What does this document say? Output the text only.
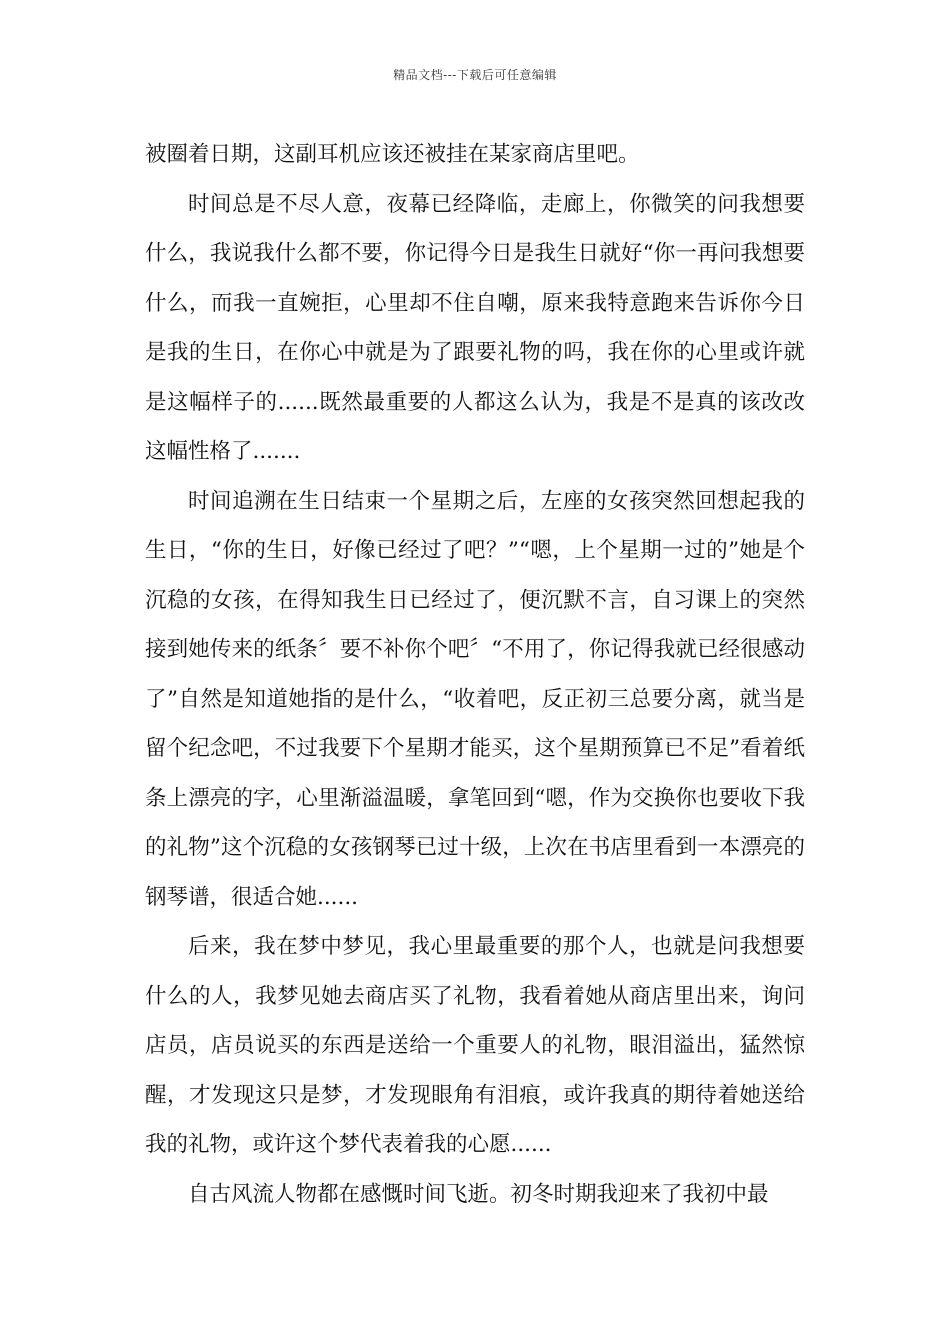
精品文档---下载后可任意编辑

被圈着日期，这副耳机应该还被挂在某家商店里吧。

时间总是不尽人意，夜幕已经降临，走廊上，你微笑的问我想要什么，我说我什么都不要，你记得今日是我生日就好“你一再问我想要什么，而我一直婉拒，心里却不住自嘲，原来我特意跑来告诉你今日是我的生日，在你心中就是为了跟要礼物的吗，我在你的心里或许就是这幅样子的......既然最重要的人都这么认为，我是不是真的该改改这幅性格了.......

时间追溯在生日结束一个星期之后，左座的女孩突然回想起我的生日，“你的生日，好像已经过了吧？”“嗯，上个星期一过的”她是个沉稳的女孩，在得知我生日已经过了，便沉默不言，自习课上的突然接到她传来的纸条〞要不补你个吧〞“不用了，你记得我就已经很感动了”自然是知道她指的是什么，“收着吧，反正初三总要分离，就当是留个纪念吧，不过我要下个星期才能买，这个星期预算已不足”看着纸条上漂亮的字，心里渐溢温暖，拿笔回到“嗯，作为交换你也要收下我的礼物”这个沉稳的女孩钢琴已过十级，上次在书店里看到一本漂亮的钢琴谱，很适合她......

后来，我在梦中梦见，我心里最重要的那个人，也就是问我想要什么的人，我梦见她去商店买了礼物，我看着她从商店里出来，询问店员，店员说买的东西是送给一个重要人的礼物，眼泪溢出，猛然惊醒，才发现这只是梦，才发现眼角有泪痕，或许我真的期待着她送给我的礼物，或许这个梦代表着我的心愿......

自古风流人物都在感慨时间飞逝。初冬时期我迎来了我初中最
